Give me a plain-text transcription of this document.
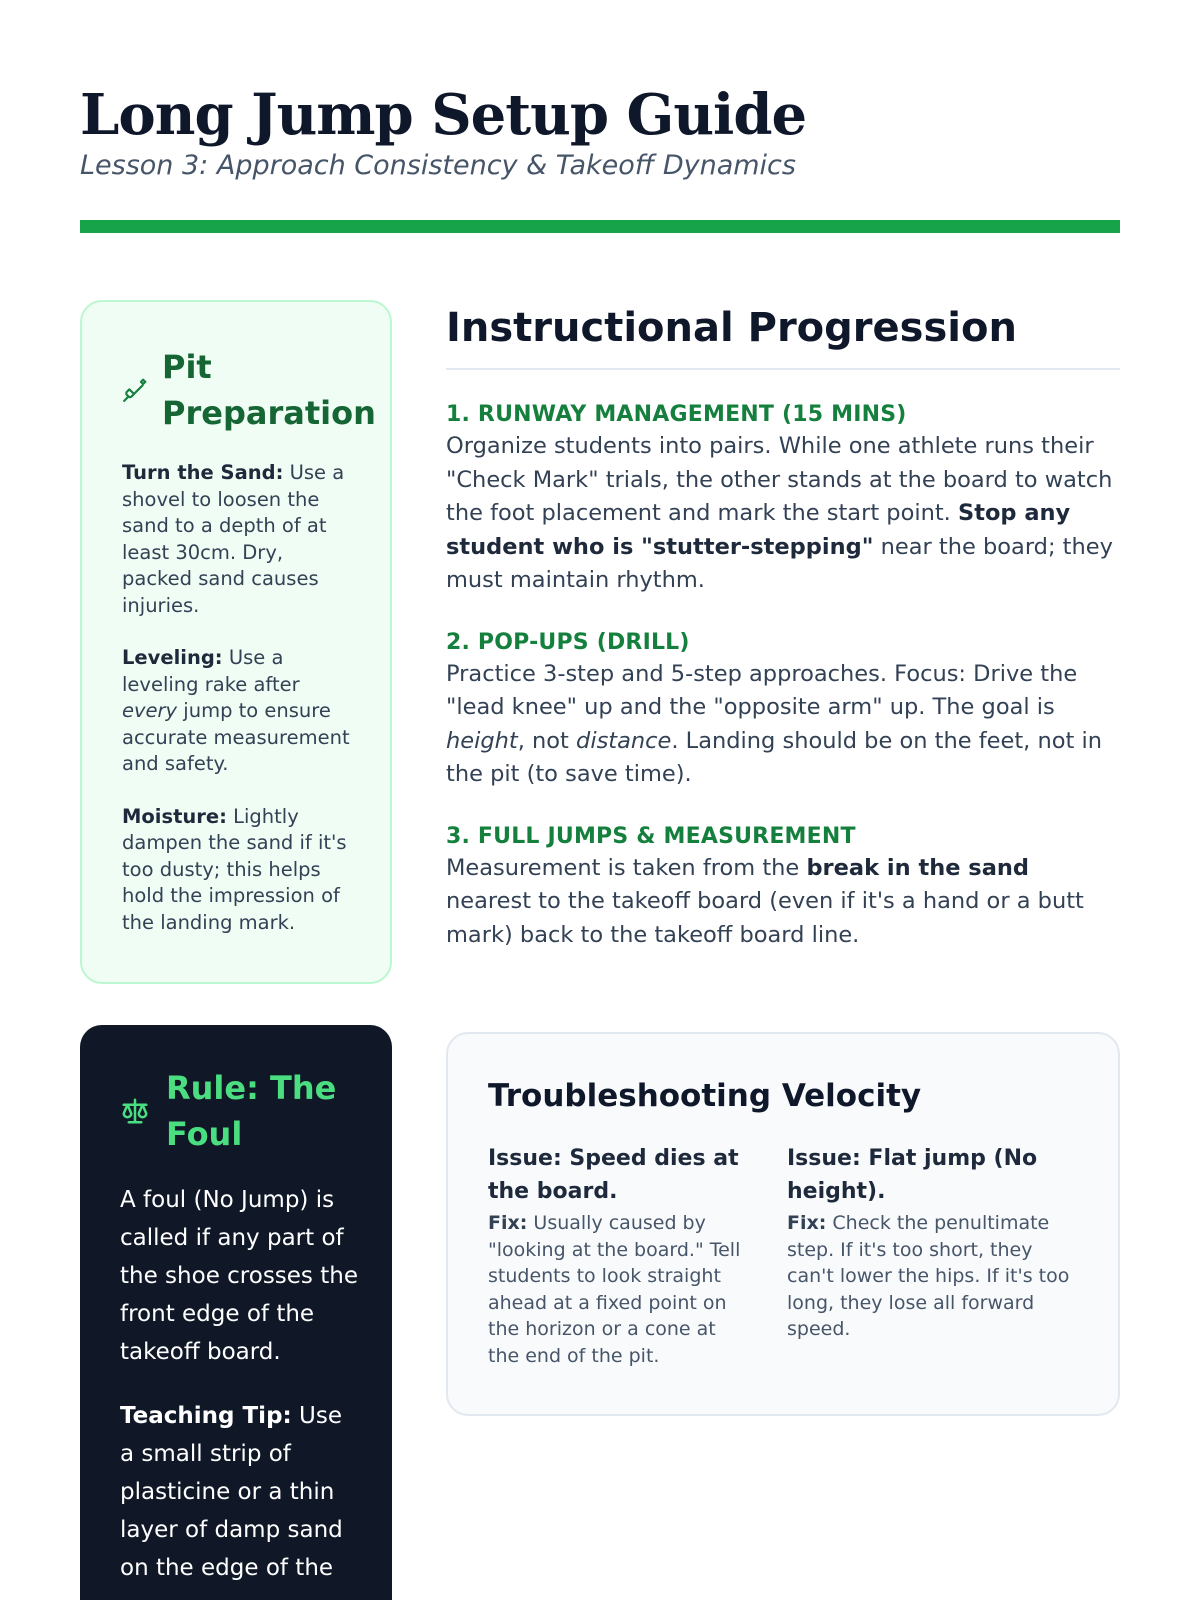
Long Jump Setup Guide
Lesson 3: Approach Consistency & Takeoff Dynamics
Pit Preparation

Turn the Sand: Use a shovel to loosen the sand to a depth of at least 30cm. Dry, packed sand causes injuries.

Leveling: Use a leveling rake after every jump to ensure accurate measurement and safety.

Moisture: Lightly dampen the sand if it's too dusty; this helps hold the impression of the landing mark.

Rule: The Foul

A foul (No Jump) is called if any part of the shoe crosses the front edge of the takeoff board.

Teaching Tip: Use a small strip of plasticine or a thin layer of damp sand on the edge of the

Instructional Progression
1. RUNWAY MANAGEMENT (15 MINS)
Organize students into pairs. While one athlete runs their "Check Mark" trials, the other stands at the board to watch the foot placement and mark the start point. Stop any student who is "stutter-stepping" near the board; they must maintain rhythm.
2. POP-UPS (DRILL)
Practice 3-step and 5-step approaches. Focus: Drive the "lead knee" up and the "opposite arm" up. The goal is height, not distance. Landing should be on the feet, not in the pit (to save time).
3. FULL JUMPS & MEASUREMENT
Measurement is taken from the break in the sand nearest to the takeoff board (even if it's a hand or a butt mark) back to the takeoff board line.
Troubleshooting Velocity
Issue: Speed dies at the board.
Fix: Usually caused by "looking at the board." Tell students to look straight ahead at a fixed point on the horizon or a cone at the end of the pit.
Issue: Flat jump (No height).
Fix: Check the penultimate step. If it's too short, they can't lower the hips. If it's too long, they lose all forward speed.
